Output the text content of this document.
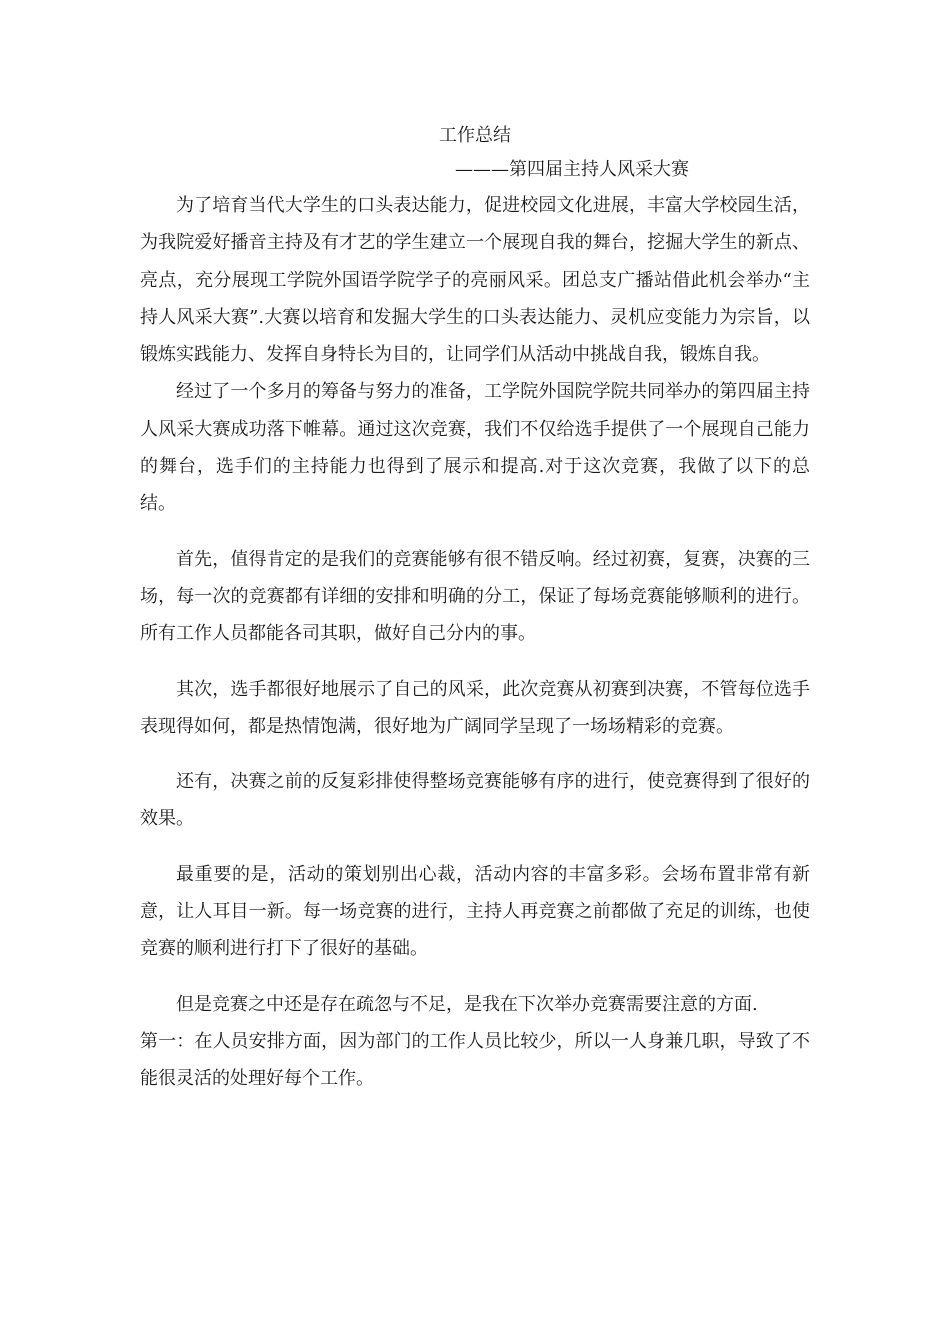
工作总结
———第四届主持人风采大赛

为了培育当代大学生的口头表达能力，促进校园文化进展，丰富大学校园生活，为我院爱好播音主持及有才艺的学生建立一个展现自我的舞台，挖掘大学生的新点、亮点，充分展现工学院外国语学院学子的亮丽风采。团总支广播站借此机会举办“主持人风采大赛”.大赛以培育和发掘大学生的口头表达能力、灵机应变能力为宗旨，以锻炼实践能力、发挥自身特长为目的，让同学们从活动中挑战自我，锻炼自我。

经过了一个多月的筹备与努力的准备，工学院外国院学院共同举办的第四届主持人风采大赛成功落下帷幕。通过这次竞赛，我们不仅给选手提供了一个展现自己能力的舞台，选手们的主持能力也得到了展示和提高.对于这次竞赛，我做了以下的总结。

首先，值得肯定的是我们的竞赛能够有很不错反响。经过初赛，复赛，决赛的三场，每一次的竞赛都有详细的安排和明确的分工，保证了每场竞赛能够顺利的进行。所有工作人员都能各司其职，做好自己分内的事。

其次，选手都很好地展示了自己的风采，此次竞赛从初赛到决赛，不管每位选手表现得如何，都是热情饱满，很好地为广阔同学呈现了一场场精彩的竞赛。

还有，决赛之前的反复彩排使得整场竞赛能够有序的进行，使竞赛得到了很好的效果。

最重要的是，活动的策划别出心裁，活动内容的丰富多彩。会场布置非常有新意，让人耳目一新。每一场竞赛的进行，主持人再竞赛之前都做了充足的训练，也使竞赛的顺利进行打下了很好的基础。

但是竞赛之中还是存在疏忽与不足，是我在下次举办竞赛需要注意的方面.

第一：在人员安排方面，因为部门的工作人员比较少，所以一人身兼几职，导致了不能很灵活的处理好每个工作。
